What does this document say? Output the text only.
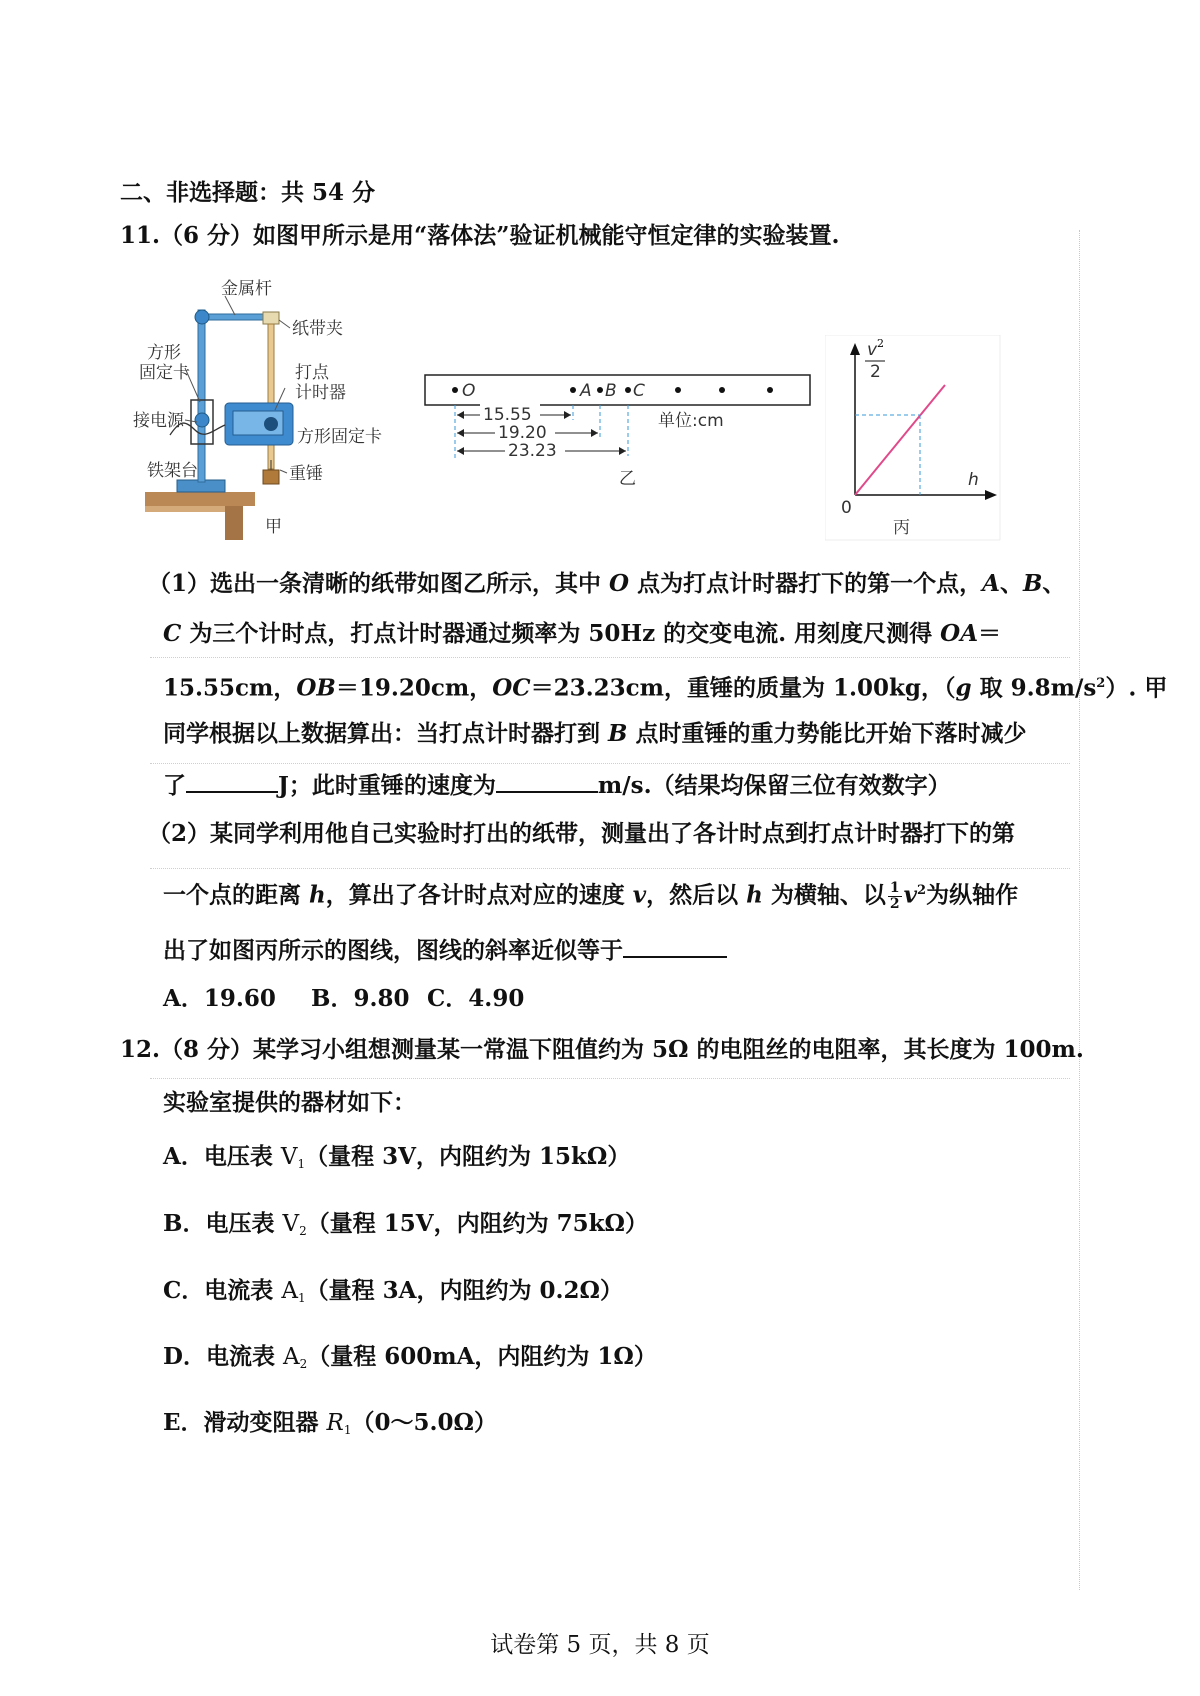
二、非选择题：共 54 分
11.（6 分）如图甲所示是用“落体法”验证机械能守恒定律的实验装置.
金属杆
纸带夹
方形
固定卡	打点
计时器
接电源
方形固定卡
重锤
铁架台
甲
O	A B C
15.55
19.20
23.23
单位:cm
乙
v 2
2
h
0
丙
（1）选出一条清晰的纸带如图乙所示，其中 O 点为打点计时器打下的第一个点，A、B、
C 为三个计时点，打点计时器通过频率为 50Hz 的交变电流. 用刻度尺测得 OA＝
15.55cm，OB＝19.20cm，OC＝23.23cm，重锤的质量为 1.00kg，（g 取 $9.8m/s^2$）. 甲
同学根据以上数据算出：当打点计时器打到 B 点时重锤的重力势能比开始下落时减少
了	J；此时重锤的速度为	m/s.（结果均保留三位有效数字）
（2）某同学利用他自己实验时打出的纸带，测量出了各计时点到打点计时器打下的第
一个点的距离 h，算出了各计时点对应的速度 v，然后以 h 为横轴、以 $\frac{1}{2} v^2$为纵轴作
出了如图丙所示的图线，图线的斜率近似等于
A．19.60 B．9.80 C．4.90
12.（8 分）某学习小组想测量某一常温下阻值约为 5Ω 的电阻丝的电阻率，其长度为 100m.
实验室提供的器材如下：
A．电压表 $V_1$（量程 3V，内阻约为 15kΩ）
B．电压表 $V_2$（量程 15V，内阻约为 75kΩ）
C．电流表 $A_1$（量程 3A，内阻约为 0.2Ω）
D．电流表 $A_2$（量程 600mA，内阻约为 1Ω）
E．滑动变阻器 $R_1(0\sim 5.0\Omega)$
试卷第 5 页，共 8 页
